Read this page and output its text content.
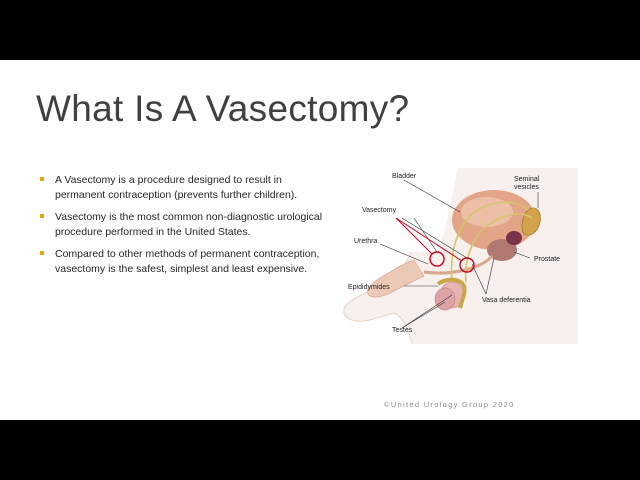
What Is A Vasectomy?
A Vasectomy is a procedure designed to result in permanent contraception (prevents further children).
Vasectomy is the most common non-diagnostic urological procedure performed in the United States.
Compared to other methods of permanent contraception, vasectomy is the safest, simplest and least expensive.
Bladder	Seminal
vesicles
Vasectomy
Urethra
Prostate
Epididymides
Vasa deferentia
Testes
©United Urology Group 2020
